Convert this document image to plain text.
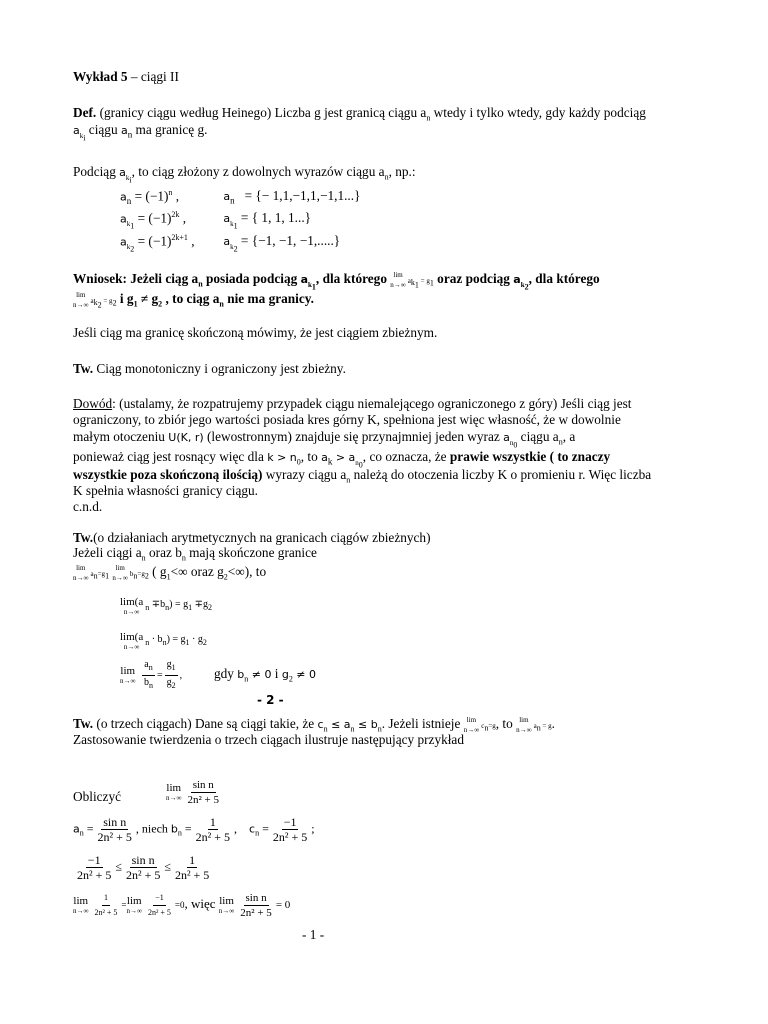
Wykład 5 – ciągi II
Def. (granicy ciągu według Heinego) Liczba g jest granicą ciągu $a_n$ wtedy i tylko wtedy, gdy każdy podciąg
$a_{k_i}$ ciągu $a_n$ ma granicę g.
Podciąg $a_{k_i}$, to ciąg złożony z dowolnych wyrazów ciągu $a_n$, np.:
$a_n = (-1)^n$ ,	$a_n$ = {− 1,1,−1,1,−1,1...}
$a_{k_1} = (-1)^{2k}$ ,	$a_{k_1}$ = { 1, 1, 1...}
$a_{k_2} = (-1)^{2k+1}$ ,	$a_{k_2} = \{-1$, −1, −1,.....}
Wniosek: Jeżeli ciąg $a_n$ posiada podciąg $a_{k_1}$, dla którego lim
n→∞ $a_{k_1} = g_1$ oraz podciąg $a_{k_2}$, dla którego
lim
n→∞ $a_{k_2} = g_2$ i $g_1 \ne g_2$ , to ciąg $a_n$ nie ma granicy.
Jeśli ciąg ma granicę skończoną mówimy, że jest ciągiem zbieżnym.
Tw. Ciąg monotoniczny i ograniczony jest zbieżny.
Dowód: (ustalamy, że rozpatrujemy przypadek ciągu niemalejącego ograniczonego z góry) Jeśli ciąg jest
ograniczony, to zbiór jego wartości posiada kres górny K, spełniona jest więc własność, że w dowolnie
małym otoczeniu U(K, r) (lewostronnym) znajduje się przynajmniej jeden wyraz $a_{n_0}$ ciągu $a_n$, a
ponieważ ciąg jest rosnący więc dla $k > n_0$, to $a_k > a_{n_0}$, co oznacza, że prawie wszystkie ( to znaczy
wszystkie poza skończoną ilością) wyrazy ciągu $a_n$ należą do otoczenia liczby K o promieniu r. Więc liczba
K spełnia własności granicy ciągu.
c.n.d.
Tw.(o działaniach arytmetycznych na granicach ciągów zbieżnych)
Jeżeli ciągi $a_n$ oraz $b_n$ mają skończone granice
lim
n→∞ $a_n=g_1$
lim
n→∞ $b_n=g_2$ ( $g_1<\infty$ oraz $g_2<\infty$), to
lim(a
n→∞ $_n \mp b_n) = g_1 \mp g_2$
lim(a
n→∞ $_n \cdot b_n) = g_1 \cdot g_2$
lim
n→∞
$\frac{a_n}{b_n} = \frac{g_1}{g_2}$ , gdy $b_n \ne 0$ i $g_2 \ne 0$
- 2 -
Tw. (o trzech ciągach) Dane są ciągi takie, że $c_n \le a_n \le b_n$. Jeżeli istnieje lim
n→∞ $c_n=g$, to lim
n→∞ $a_n = g$.
Zastosowanie twierdzenia o trzech ciągach ilustruje następujący przykład
Obliczyć
lim
$n\to\infty \frac{\text{sin n}}{\text{2n² + 5}}$
$a_n = \frac{\text{sin n}}{\text{2n² + 5}}$ , niech $b_n = \frac{1}{\text{2n² + 5}}$ ,    $c_n = \frac{-1}{\text{2n² + 5}}$ ;
$\frac{-1}{\text{2n² + 5}} \le \frac{\text{sin n}}{\text{2n² + 5}} \le \frac{1}{\text{2n² + 5}}$
lim
$n\to\infty \frac{1}{\text{2n² + 5}} = \lim$
$n\to\infty \frac{-1}{\text{2n² + 5}} =0$, więc lim
$n\to\infty \frac{\text{sin n}}{\text{2n² + 5}} = 0$
- 1 -
